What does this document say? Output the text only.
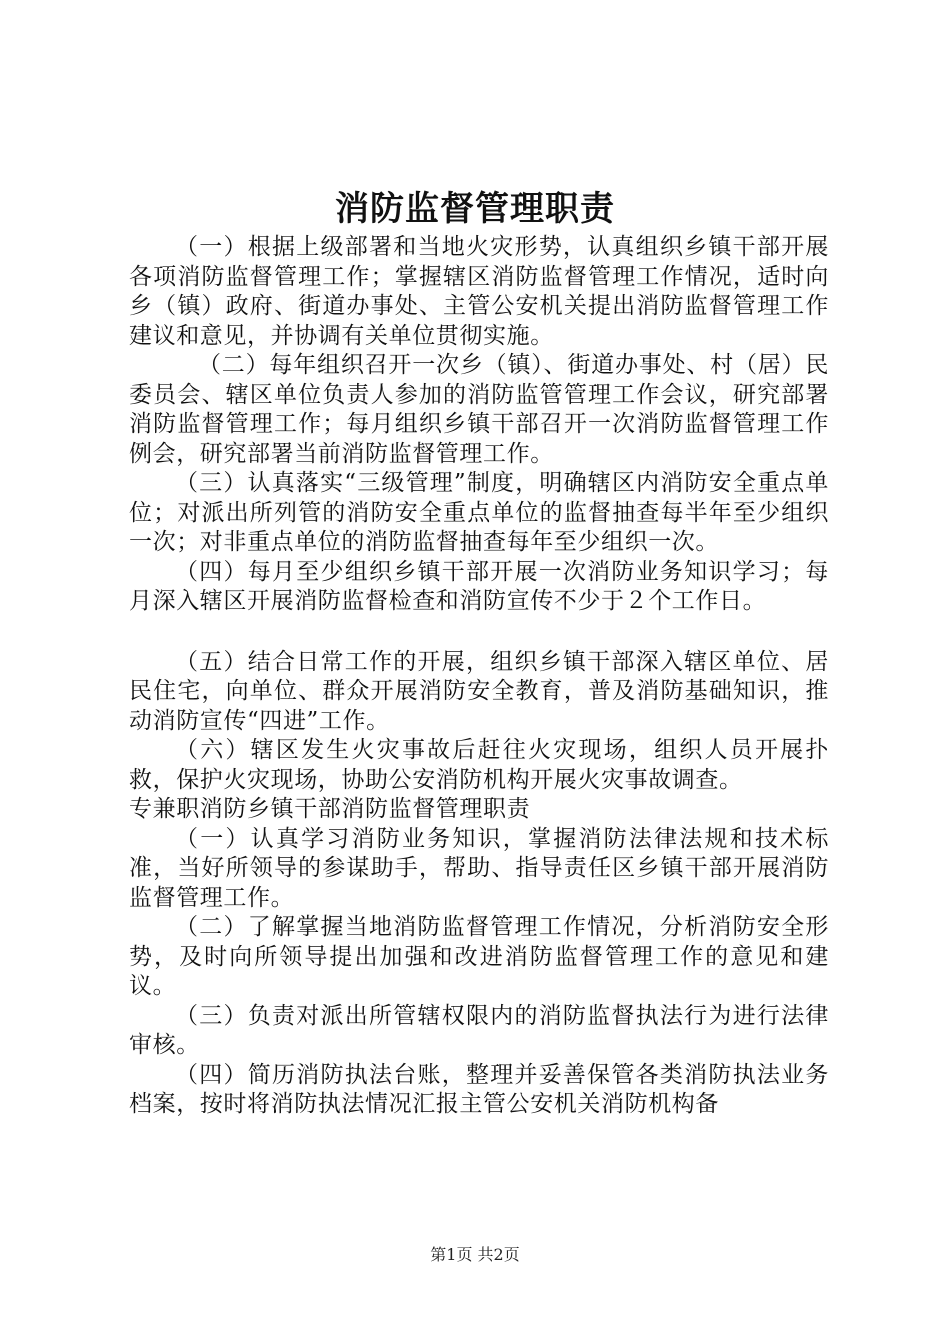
消防监督管理职责

（一）根据上级部署和当地火灾形势，认真组织乡镇干部开展各项消防监督管理工作；掌握辖区消防监督管理工作情况，适时向乡（镇）政府、街道办事处、主管公安机关提出消防监督管理工作建议和意见，并协调有关单位贯彻实施。

（二）每年组织召开一次乡（镇）、街道办事处、村（居）民委员会、辖区单位负责人参加的消防监管管理工作会议，研究部署消防监督管理工作；每月组织乡镇干部召开一次消防监督管理工作例会，研究部署当前消防监督管理工作。

（三）认真落实“三级管理”制度，明确辖区内消防安全重点单位；对派出所列管的消防安全重点单位的监督抽查每半年至少组织一次；对非重点单位的消防监督抽查每年至少组织一次。

（四）每月至少组织乡镇干部开展一次消防业务知识学习；每月深入辖区开展消防监督检查和消防宣传不少于２个工作日。

（五）结合日常工作的开展，组织乡镇干部深入辖区单位、居民住宅，向单位、群众开展消防安全教育，普及消防基础知识，推动消防宣传“四进”工作。

（六）辖区发生火灾事故后赶往火灾现场，组织人员开展扑救，保护火灾现场，协助公安消防机构开展火灾事故调查。

专兼职消防乡镇干部消防监督管理职责

（一）认真学习消防业务知识，掌握消防法律法规和技术标准，当好所领导的参谋助手，帮助、指导责任区乡镇干部开展消防监督管理工作。

（二）了解掌握当地消防监督管理工作情况，分析消防安全形势，及时向所领导提出加强和改进消防监督管理工作的意见和建议。

（三）负责对派出所管辖权限内的消防监督执法行为进行法律审核。

（四）简历消防执法台账，整理并妥善保管各类消防执法业务档案，按时将消防执法情况汇报主管公安机关消防机构备

第1页 共2页
